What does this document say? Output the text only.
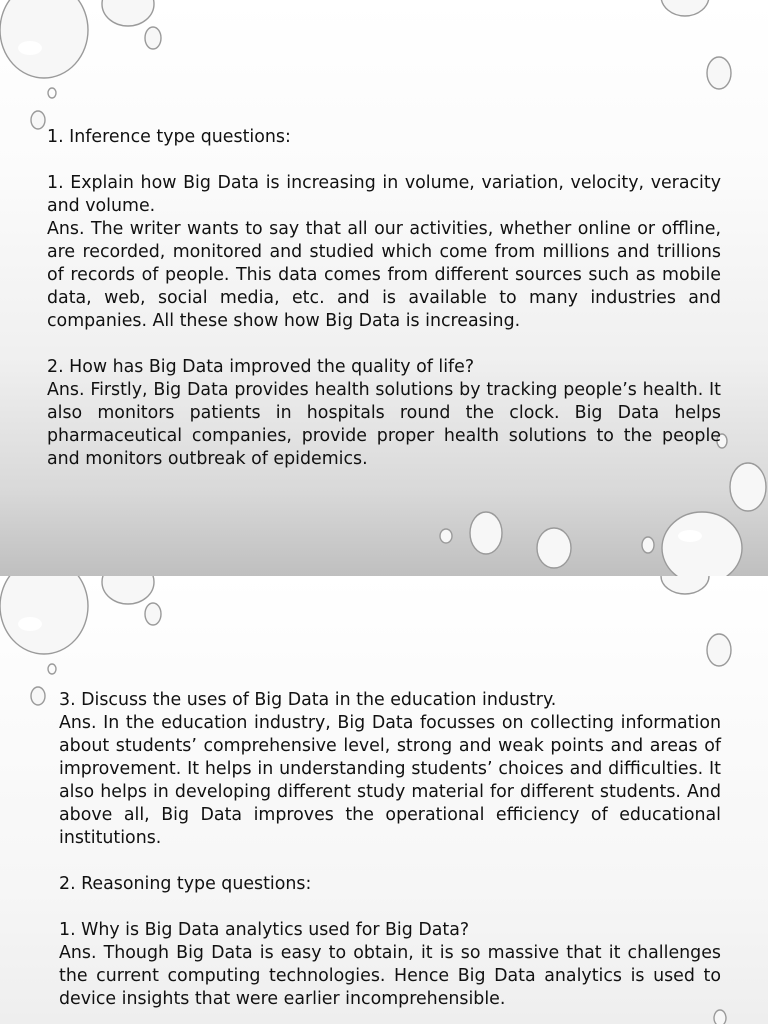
1. Inference type questions:

1. Explain how Big Data is increasing in volume, variation, velocity, veracity and volume.

Ans. The writer wants to say that all our activities, whether online or offline, are recorded, monitored and studied which come from millions and trillions of records of people. This data comes from different sources such as mobile data, web, social media, etc. and is available to many industries and companies. All these show how Big Data is increasing.

2. How has Big Data improved the quality of life?

Ans. Firstly, Big Data provides health solutions by tracking people’s health. It also monitors patients in hospitals round the clock. Big Data helps pharmaceutical companies, provide proper health solutions to the people and monitors outbreak of epidemics.

3. Discuss the uses of Big Data in the education industry.

Ans. In the education industry, Big Data focusses on collecting information about students’ comprehensive level, strong and weak points and areas of improvement. It helps in understanding students’ choices and difficulties. It also helps in developing different study material for different students. And above all, Big Data improves the operational efficiency of educational institutions.

2. Reasoning type questions:

1. Why is Big Data analytics used for Big Data?

Ans. Though Big Data is easy to obtain, it is so massive that it challenges the current computing technologies. Hence Big Data analytics is used to device insights that were earlier incomprehensible.
